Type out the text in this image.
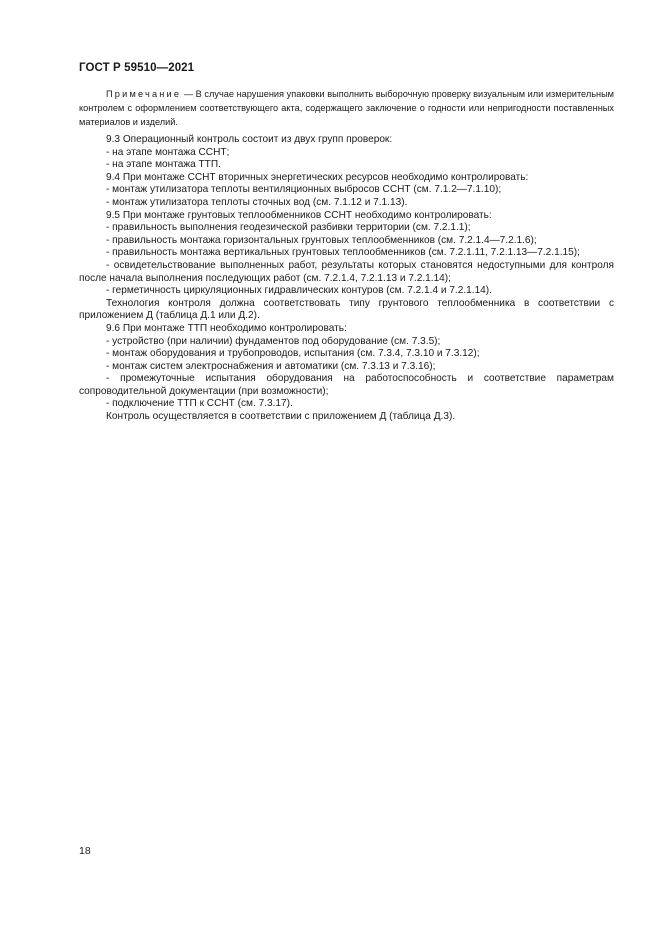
ГОСТ Р 59510—2021

Примечание — В случае нарушения упаковки выполнить выборочную проверку визуальным или измерительным контролем с оформлением соответствующего акта, содержащего заключение о годности или непригодности поставленных материалов и изделий.

9.3 Операционный контроль состоит из двух групп проверок:

- на этапе монтажа ССНТ;

- на этапе монтажа ТТП.

9.4 При монтаже ССНТ вторичных энергетических ресурсов необходимо контролировать:

- монтаж утилизатора теплоты вентиляционных выбросов ССНТ (см. 7.1.2—7.1.10);

- монтаж утилизатора теплоты сточных вод (см. 7.1.12 и 7.1.13).

9.5 При монтаже грунтовых теплообменников ССНТ необходимо контролировать:

- правильность выполнения геодезической разбивки территории (см. 7.2.1.1);

- правильность монтажа горизонтальных грунтовых теплообменников (см. 7.2.1.4—7.2.1.6);

- правильность монтажа вертикальных грунтовых теплообменников (см. 7.2.1.11, 7.2.1.13—7.2.1.15);

- освидетельствование выполненных работ, результаты которых становятся недоступными для контроля после начала выполнения последующих работ (см. 7.2.1.4, 7.2.1.13 и 7.2.1.14);

- герметичность циркуляционных гидравлических контуров (см. 7.2.1.4 и 7.2.1.14).

Технология контроля должна соответствовать типу грунтового теплообменника в соответствии с приложением Д (таблица Д.1 или Д.2).

9.6 При монтаже ТТП необходимо контролировать:

- устройство (при наличии) фундаментов под оборудование (см. 7.3.5);

- монтаж оборудования и трубопроводов, испытания (см. 7.3.4, 7.3.10 и 7.3.12);

- монтаж систем электроснабжения и автоматики (см. 7.3.13 и 7.3.16);

- промежуточные испытания оборудования на работоспособность и соответствие параметрам сопроводительной документации (при возможности);

- подключение ТТП к ССНТ (см. 7.3.17).

Контроль осуществляется в соответствии с приложением Д (таблица Д.3).

18
